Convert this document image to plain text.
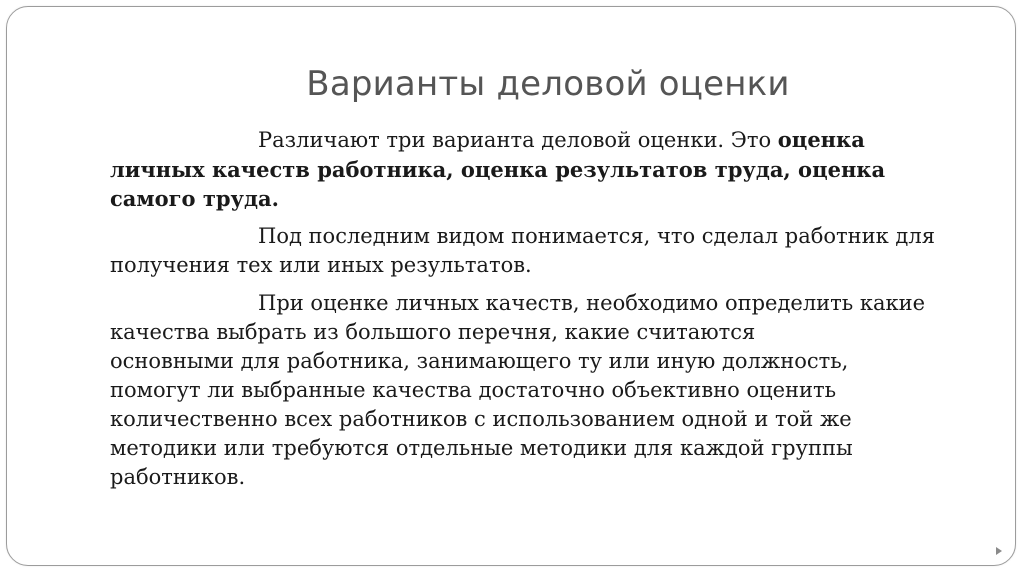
Варианты деловой оценки
Различают три варианта деловой оценки. Это оценка
личных качеств работника, оценка результатов труда, оценка
самого труда.
Под последним видом понимается, что сделал работник для
получения тех или иных результатов.
При оценке личных качеств, необходимо определить какие
качества выбрать из большого перечня, какие считаются
основными для работника, занимающего ту или иную должность,
помогут ли выбранные качества достаточно объективно оценить
количественно всех работников с использованием одной и той же
методики или требуются отдельные методики для каждой группы
работников.
